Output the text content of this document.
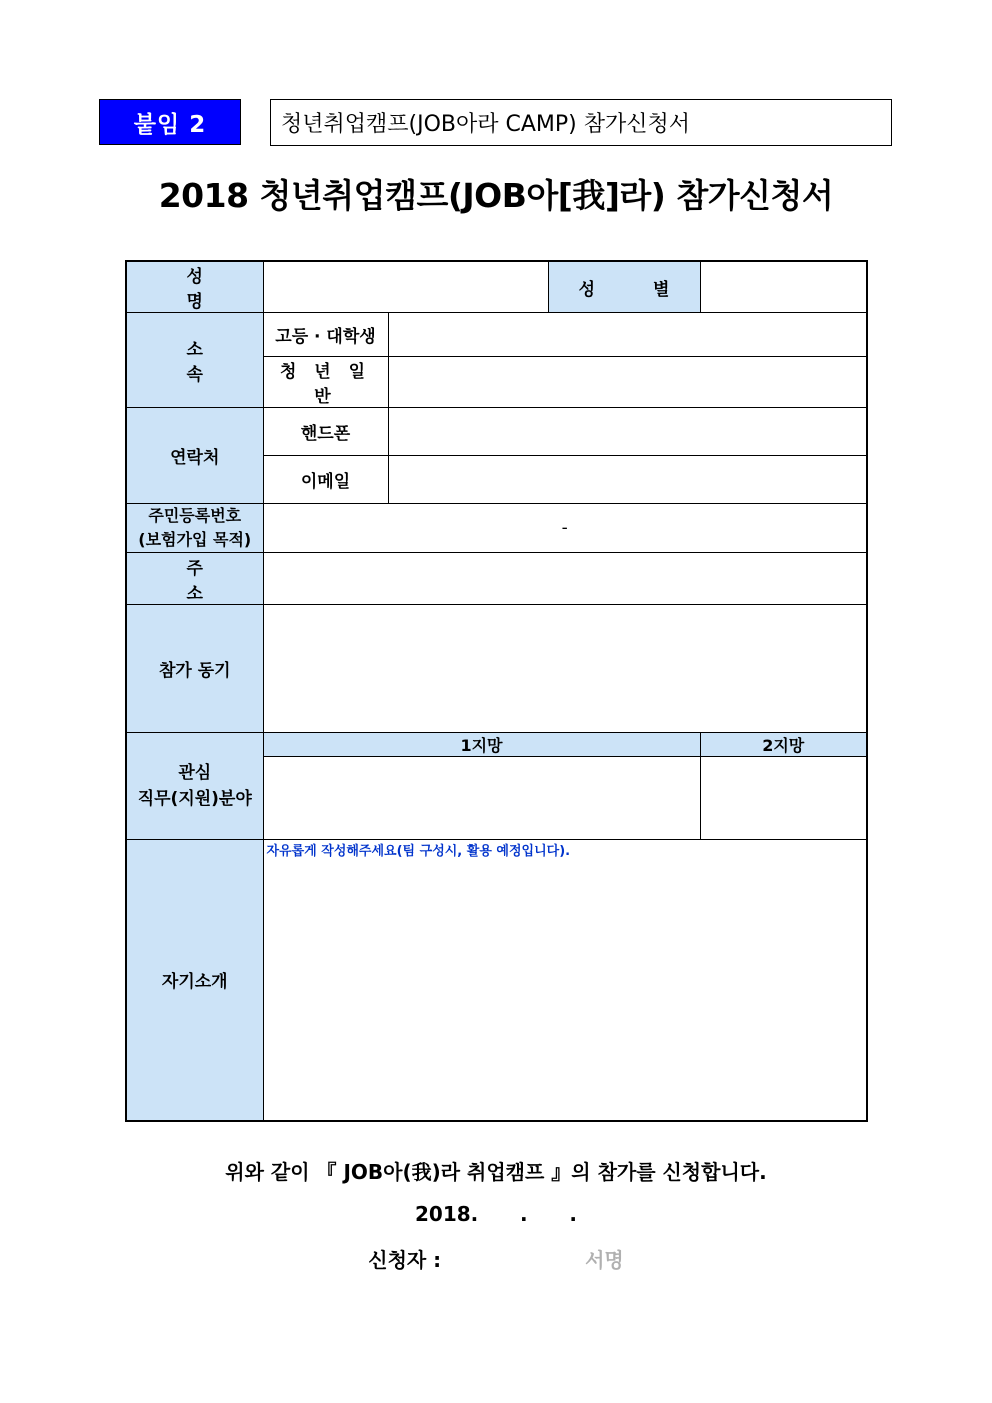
붙임 2	청년취업캠프(JOB아라 CAMP) 참가신청서
2018 청년취업캠프(JOB아[我]라) 참가신청서
성 명			성 별	
소 속	고등 · 대학생			
	청 년 일 반			
연락처	핸드폰			
	이메일			

주민등록번호
(보험가입 목적)	-			
주 소				
참가 동기				

관심
직무(지원)분야	1지망			2지망

자기소개	자유롭게 작성해주세요(팀 구성시, 활용 예정입니다).			
위와 같이 『 JOB아(我)라 취업캠프 』의 참가를 신청합니다.
2018.      .      .
신청자 :	서명
